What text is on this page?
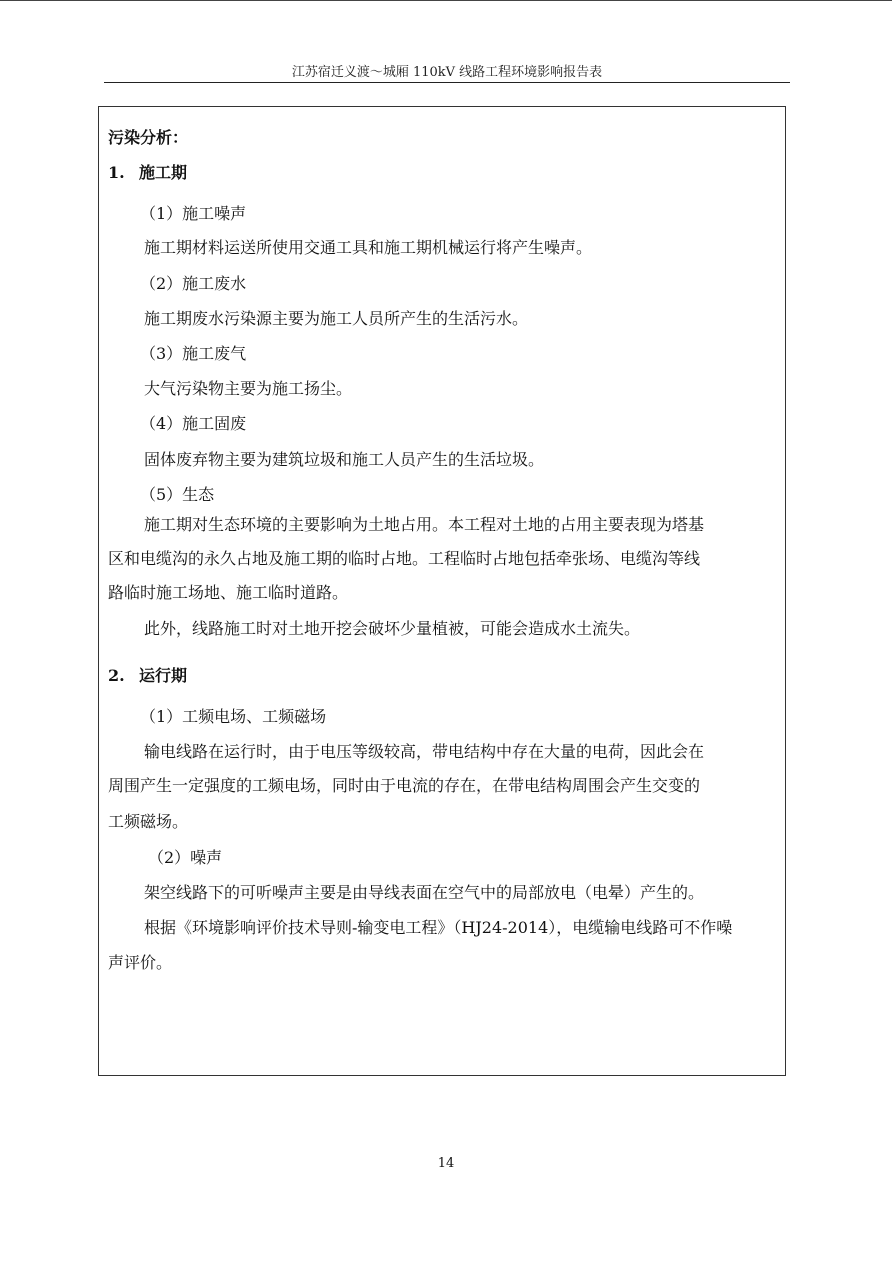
江苏宿迁义渡～城厢 110kV 线路工程环境影响报告表
污染分析：
1. 施工期
（1）施工噪声
施工期材料运送所使用交通工具和施工期机械运行将产生噪声。
（2）施工废水
施工期废水污染源主要为施工人员所产生的生活污水。
（3）施工废气
大气污染物主要为施工扬尘。
（4）施工固废
固体废弃物主要为建筑垃圾和施工人员产生的生活垃圾。
（5）生态
施工期对生态环境的主要影响为土地占用。本工程对土地的占用主要表现为塔基
区和电缆沟的永久占地及施工期的临时占地。工程临时占地包括牵张场、电缆沟等线
路临时施工场地、施工临时道路。
此外，线路施工时对土地开挖会破坏少量植被，可能会造成水土流失。
2. 运行期
（1）工频电场、工频磁场
输电线路在运行时，由于电压等级较高，带电结构中存在大量的电荷，因此会在
周围产生一定强度的工频电场，同时由于电流的存在，在带电结构周围会产生交变的
工频磁场。
（2）噪声
架空线路下的可听噪声主要是由导线表面在空气中的局部放电（电晕）产生的。
根据《环境影响评价技术导则-输变电工程》（HJ24-2014），电缆输电线路可不作噪
声评价。
14
